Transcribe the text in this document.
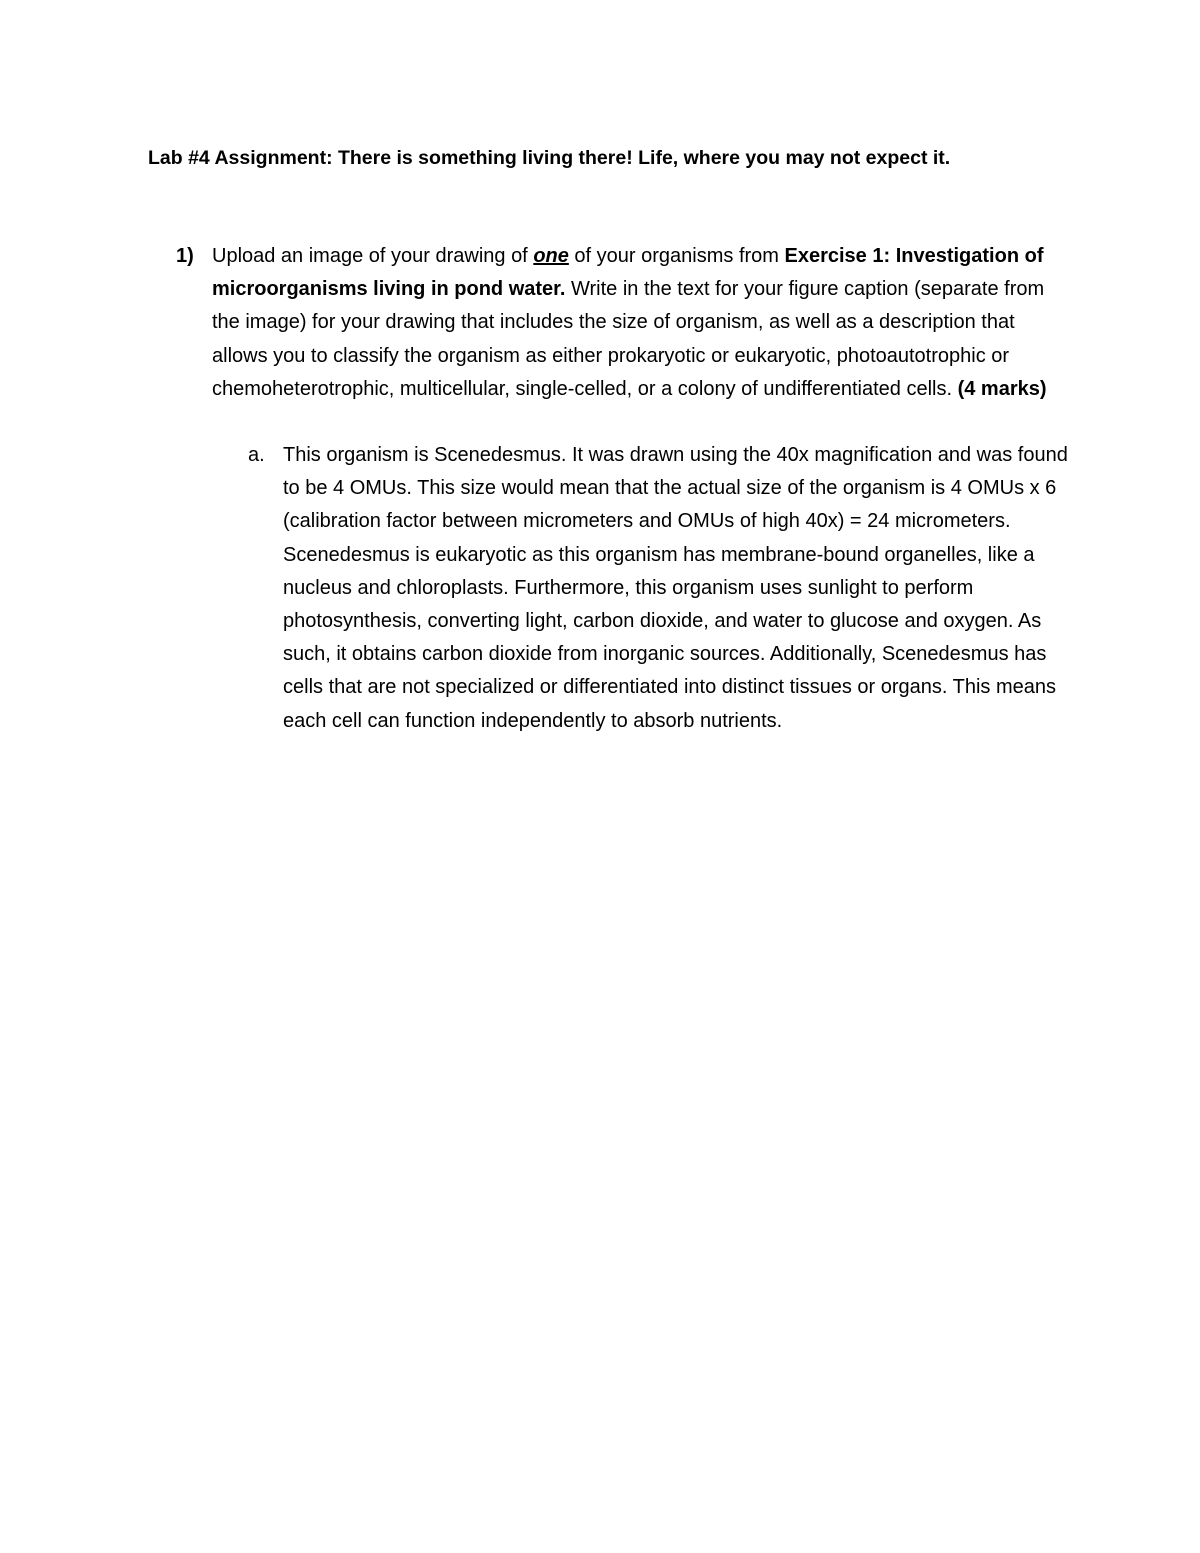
Lab #4 Assignment: There is something living there! Life, where you may not expect it.
1) Upload an image of your drawing of one of your organisms from Exercise 1: Investigation of microorganisms living in pond water. Write in the text for your figure caption (separate from the image) for your drawing that includes the size of organism, as well as a description that allows you to classify the organism as either prokaryotic or eukaryotic, photoautotrophic or chemoheterotrophic, multicellular, single-celled, or a colony of undifferentiated cells. (4 marks)
a. This organism is Scenedesmus. It was drawn using the 40x magnification and was found to be 4 OMUs. This size would mean that the actual size of the organism is 4 OMUs x 6 (calibration factor between micrometers and OMUs of high 40x) = 24 micrometers. Scenedesmus is eukaryotic as this organism has membrane-bound organelles, like a nucleus and chloroplasts. Furthermore, this organism uses sunlight to perform photosynthesis, converting light, carbon dioxide, and water to glucose and oxygen. As such, it obtains carbon dioxide from inorganic sources. Additionally, Scenedesmus has cells that are not specialized or differentiated into distinct tissues or organs. This means each cell can function independently to absorb nutrients.
